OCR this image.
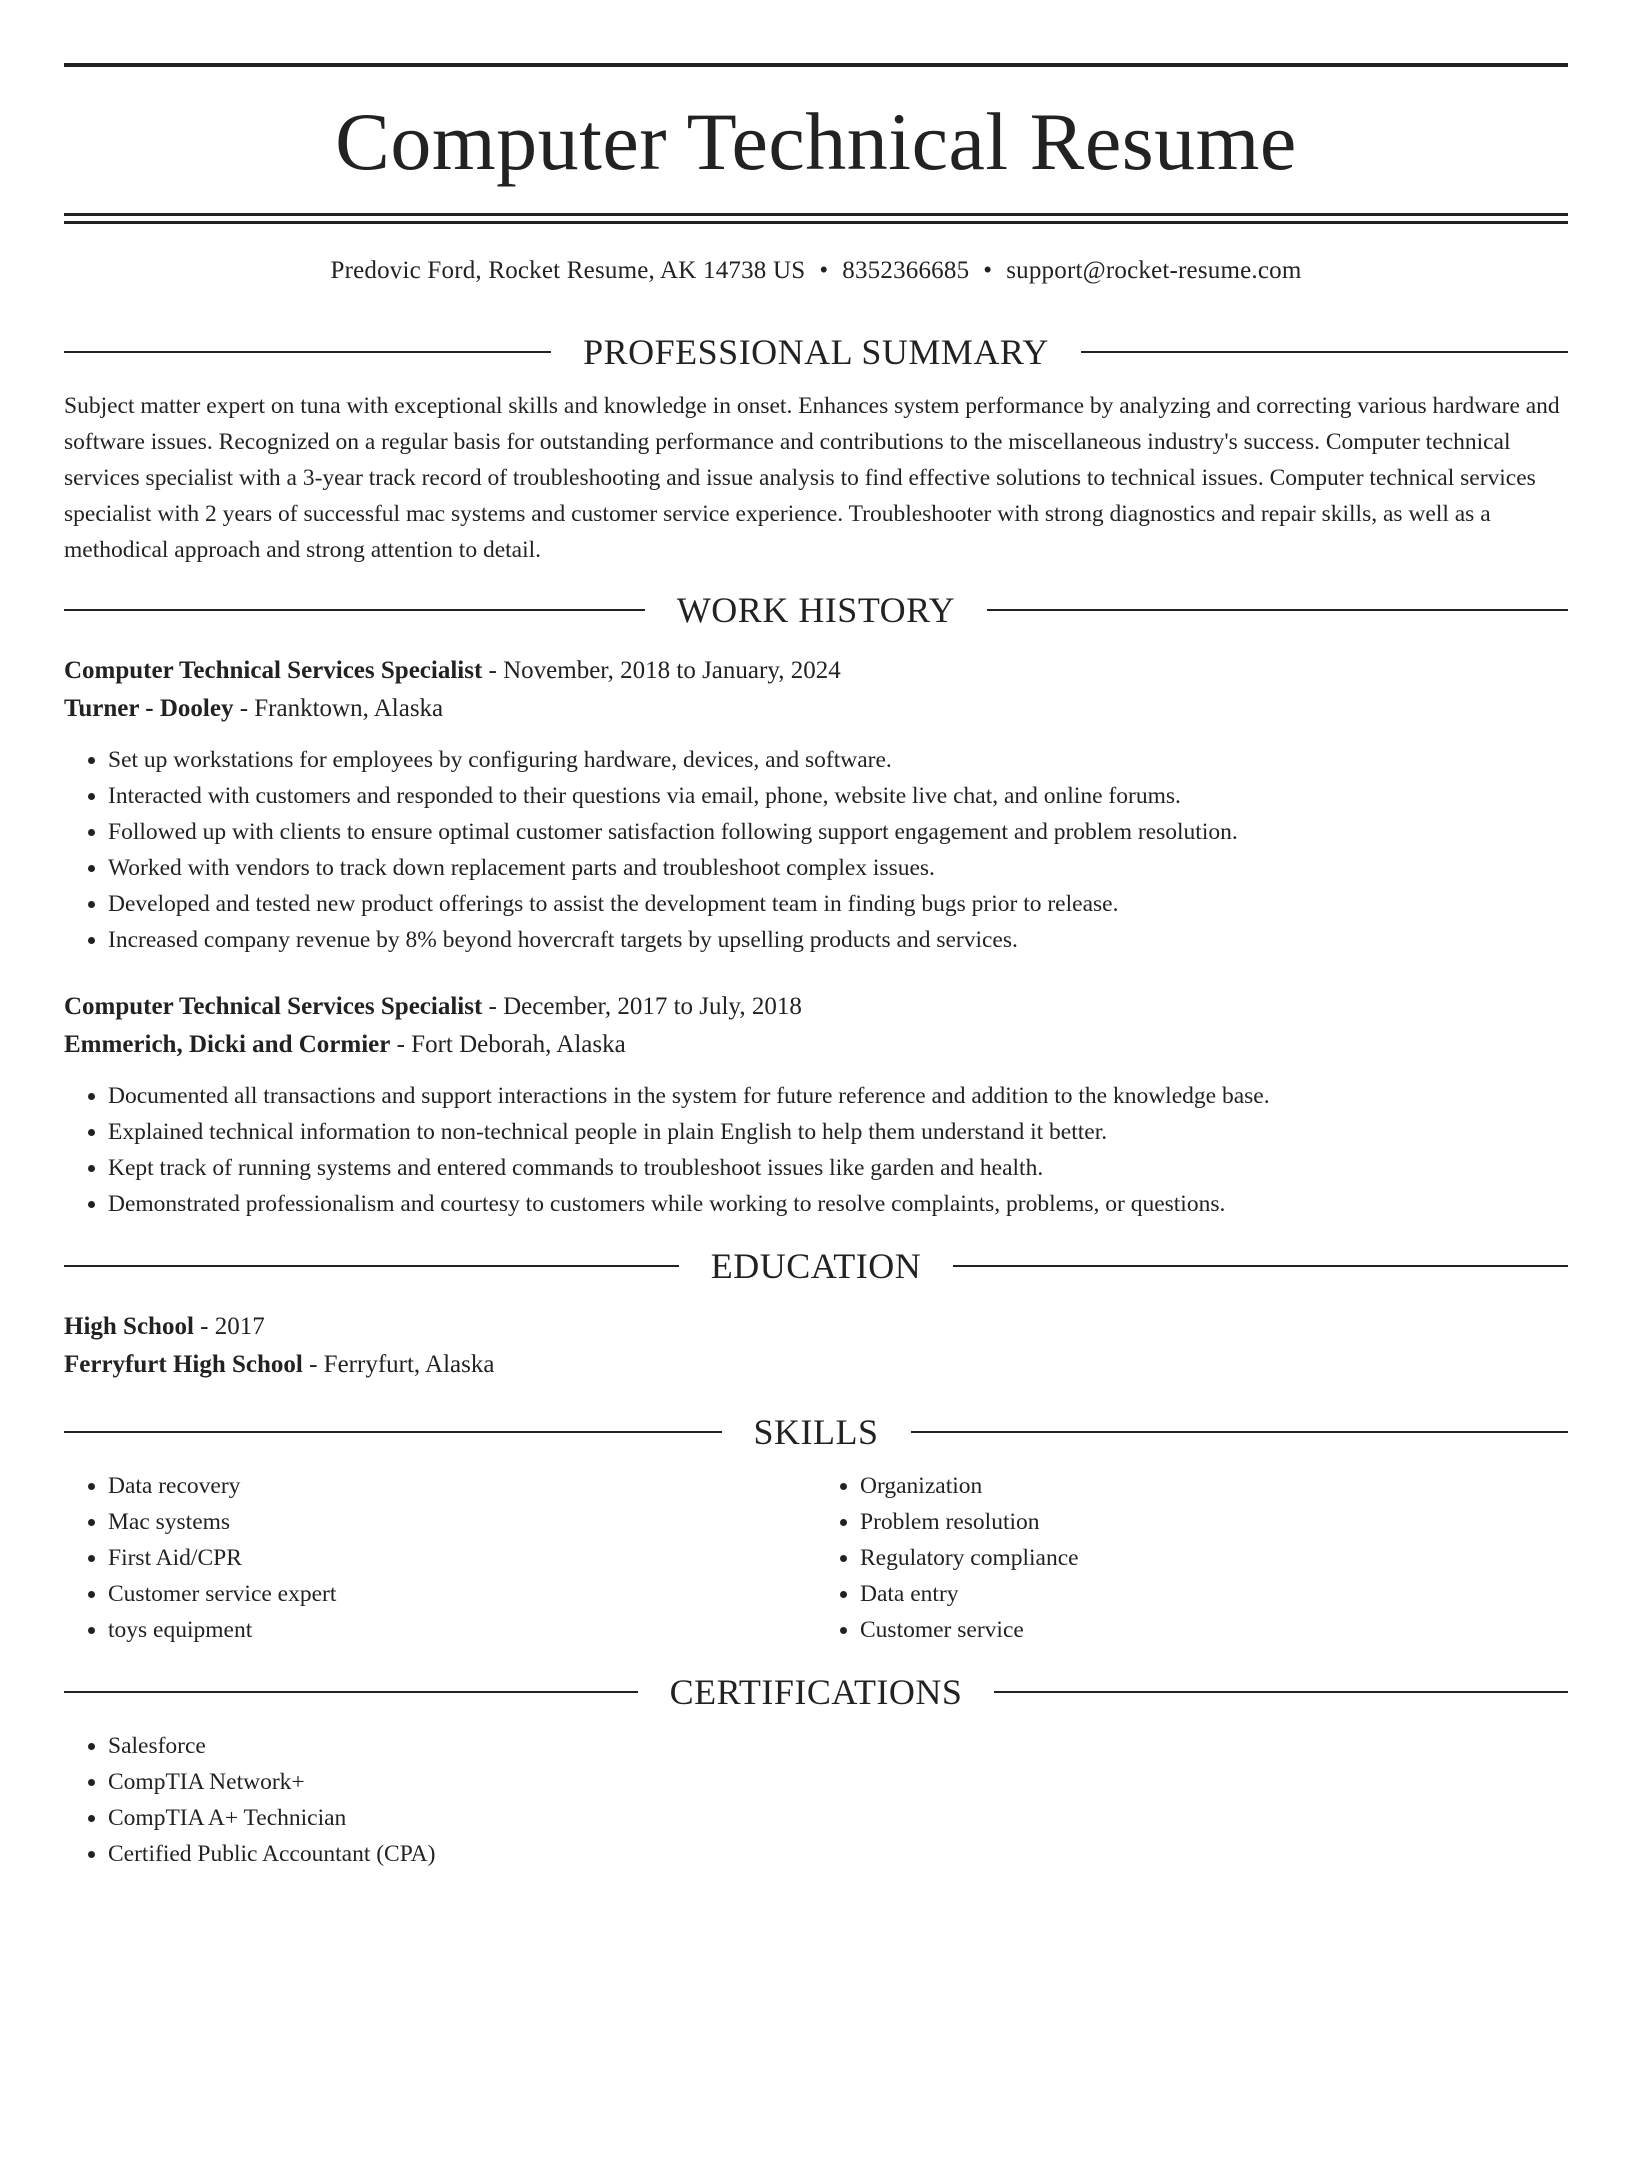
Computer Technical Resume
Predovic Ford, Rocket Resume, AK 14738 US • 8352366685 • support@rocket-resume.com
PROFESSIONAL SUMMARY
Subject matter expert on tuna with exceptional skills and knowledge in onset. Enhances system performance by analyzing and correcting various hardware and software issues. Recognized on a regular basis for outstanding performance and contributions to the miscellaneous industry's success. Computer technical services specialist with a 3-year track record of troubleshooting and issue analysis to find effective solutions to technical issues. Computer technical services specialist with 2 years of successful mac systems and customer service experience. Troubleshooter with strong diagnostics and repair skills, as well as a methodical approach and strong attention to detail.
WORK HISTORY
Computer Technical Services Specialist - November, 2018 to January, 2024
Turner - Dooley - Franktown, Alaska
• Set up workstations for employees by configuring hardware, devices, and software.
• Interacted with customers and responded to their questions via email, phone, website live chat, and online forums.
• Followed up with clients to ensure optimal customer satisfaction following support engagement and problem resolution.
• Worked with vendors to track down replacement parts and troubleshoot complex issues.
• Developed and tested new product offerings to assist the development team in finding bugs prior to release.
• Increased company revenue by 8% beyond hovercraft targets by upselling products and services.
Computer Technical Services Specialist - December, 2017 to July, 2018
Emmerich, Dicki and Cormier - Fort Deborah, Alaska
• Documented all transactions and support interactions in the system for future reference and addition to the knowledge base.
• Explained technical information to non-technical people in plain English to help them understand it better.
• Kept track of running systems and entered commands to troubleshoot issues like garden and health.
• Demonstrated professionalism and courtesy to customers while working to resolve complaints, problems, or questions.
EDUCATION
High School - 2017
Ferryfurt High School - Ferryfurt, Alaska
SKILLS
• Data recovery
• Mac systems
• First Aid/CPR
• Customer service expert
• toys equipment
• Organization
• Problem resolution
• Regulatory compliance
• Data entry
• Customer service
CERTIFICATIONS
• Salesforce
• CompTIA Network+
• CompTIA A+ Technician
• Certified Public Accountant (CPA)
